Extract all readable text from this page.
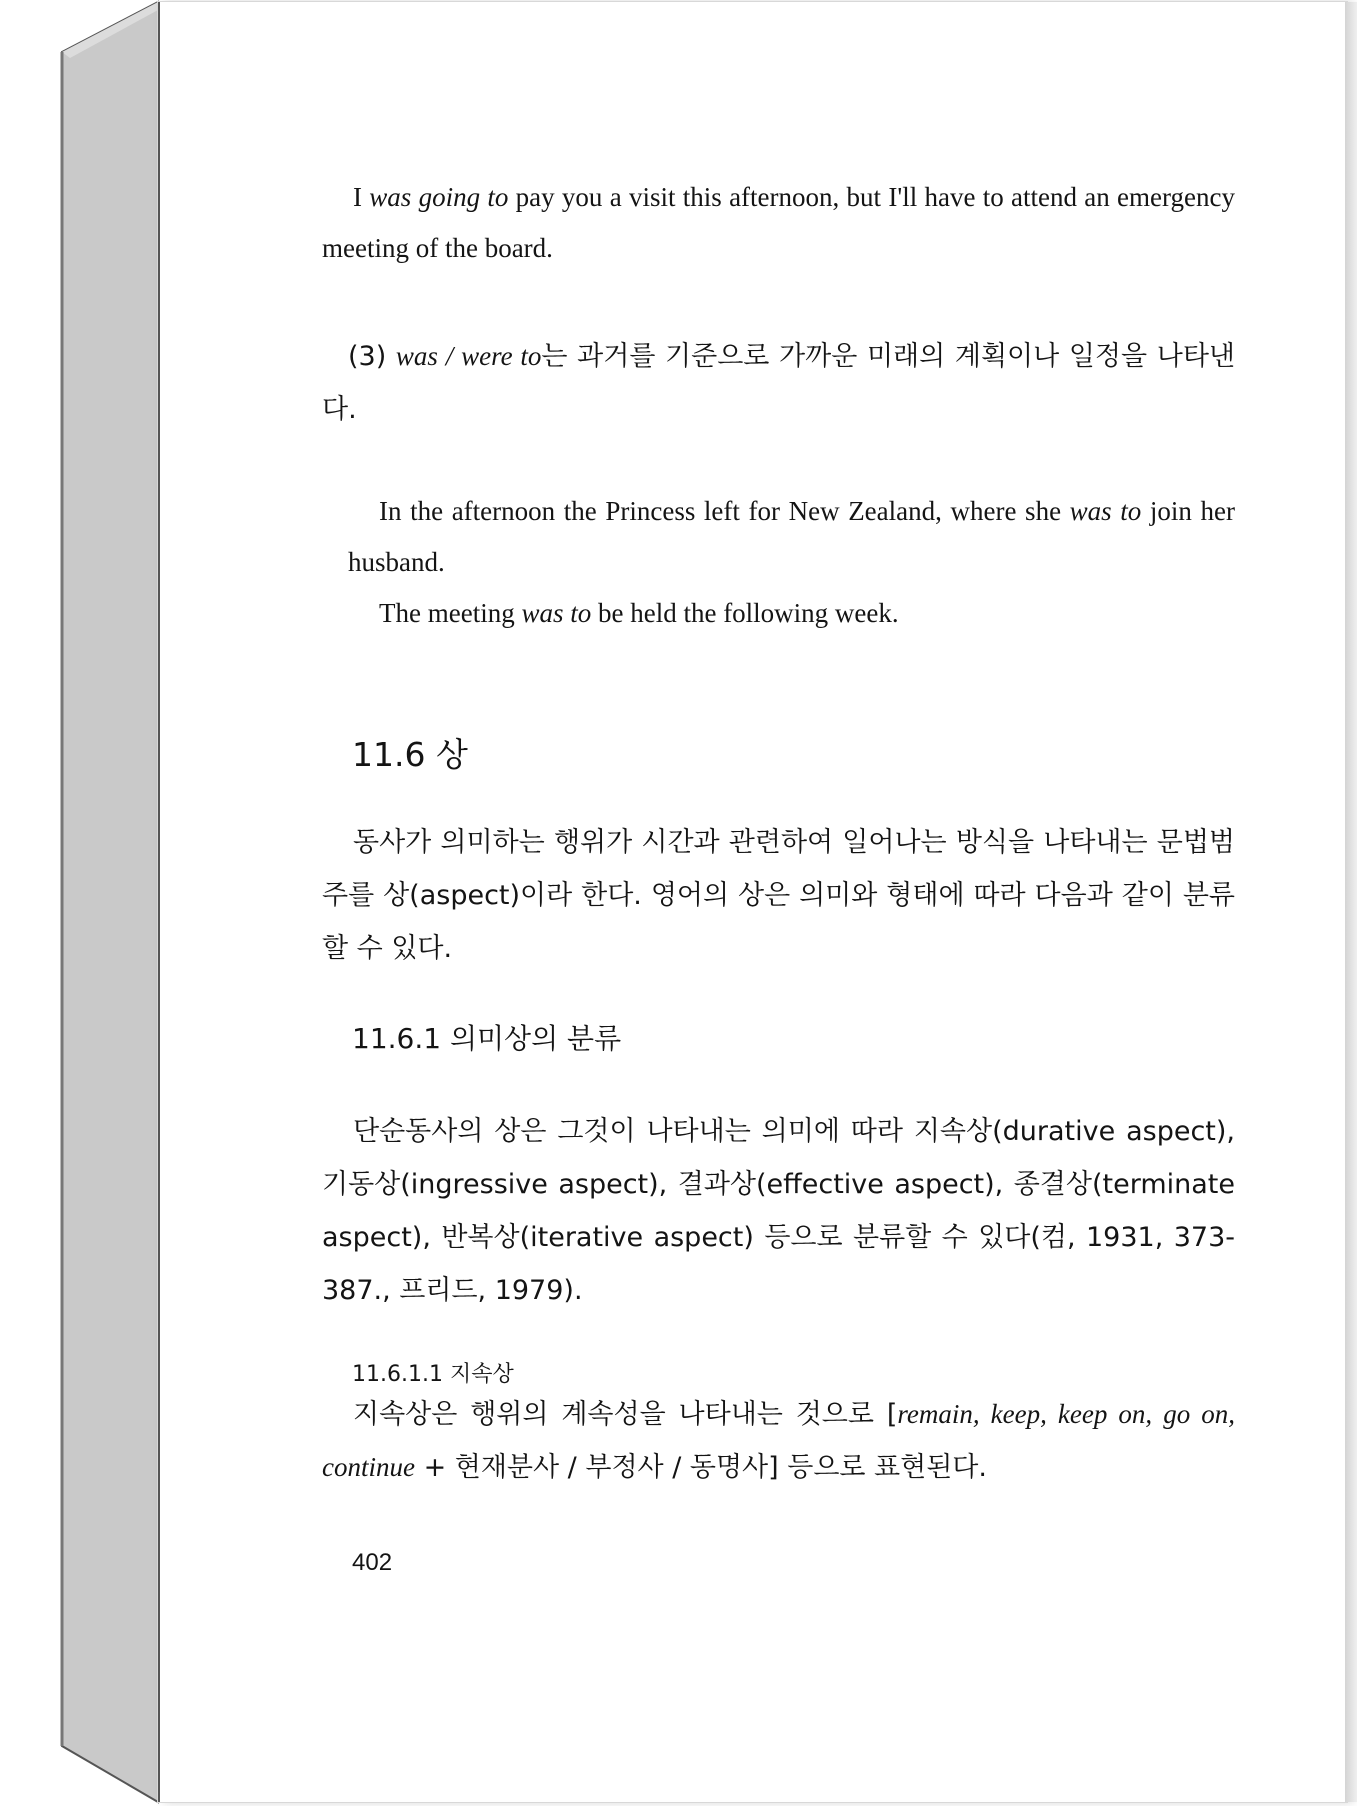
I was going to pay you a visit this afternoon, but I'll have to attend an emergency meeting of the board.

(3) was / were to는 과거를 기준으로 가까운 미래의 계획이나 일정을 나타낸다.

In the afternoon the Princess left for New Zealand, where she was to join her husband.

The meeting was to be held the following week.

11.6 상

동사가 의미하는 행위가 시간과 관련하여 일어나는 방식을 나타내는 문법범주를 상(aspect)이라 한다. 영어의 상은 의미와 형태에 따라 다음과 같이 분류할 수 있다.

11.6.1 의미상의 분류

단순동사의 상은 그것이 나타내는 의미에 따라 지속상(durative aspect), 기동상(ingressive aspect), 결과상(effective aspect), 종결상(terminate aspect), 반복상(iterative aspect) 등으로 분류할 수 있다(컴, 1931, 373-387., 프리드, 1979).

11.6.1.1 지속상

지속상은 행위의 계속성을 나타내는 것으로 [remain, keep, keep on, go on, continue + 현재분사 / 부정사 / 동명사] 등으로 표현된다.

402
